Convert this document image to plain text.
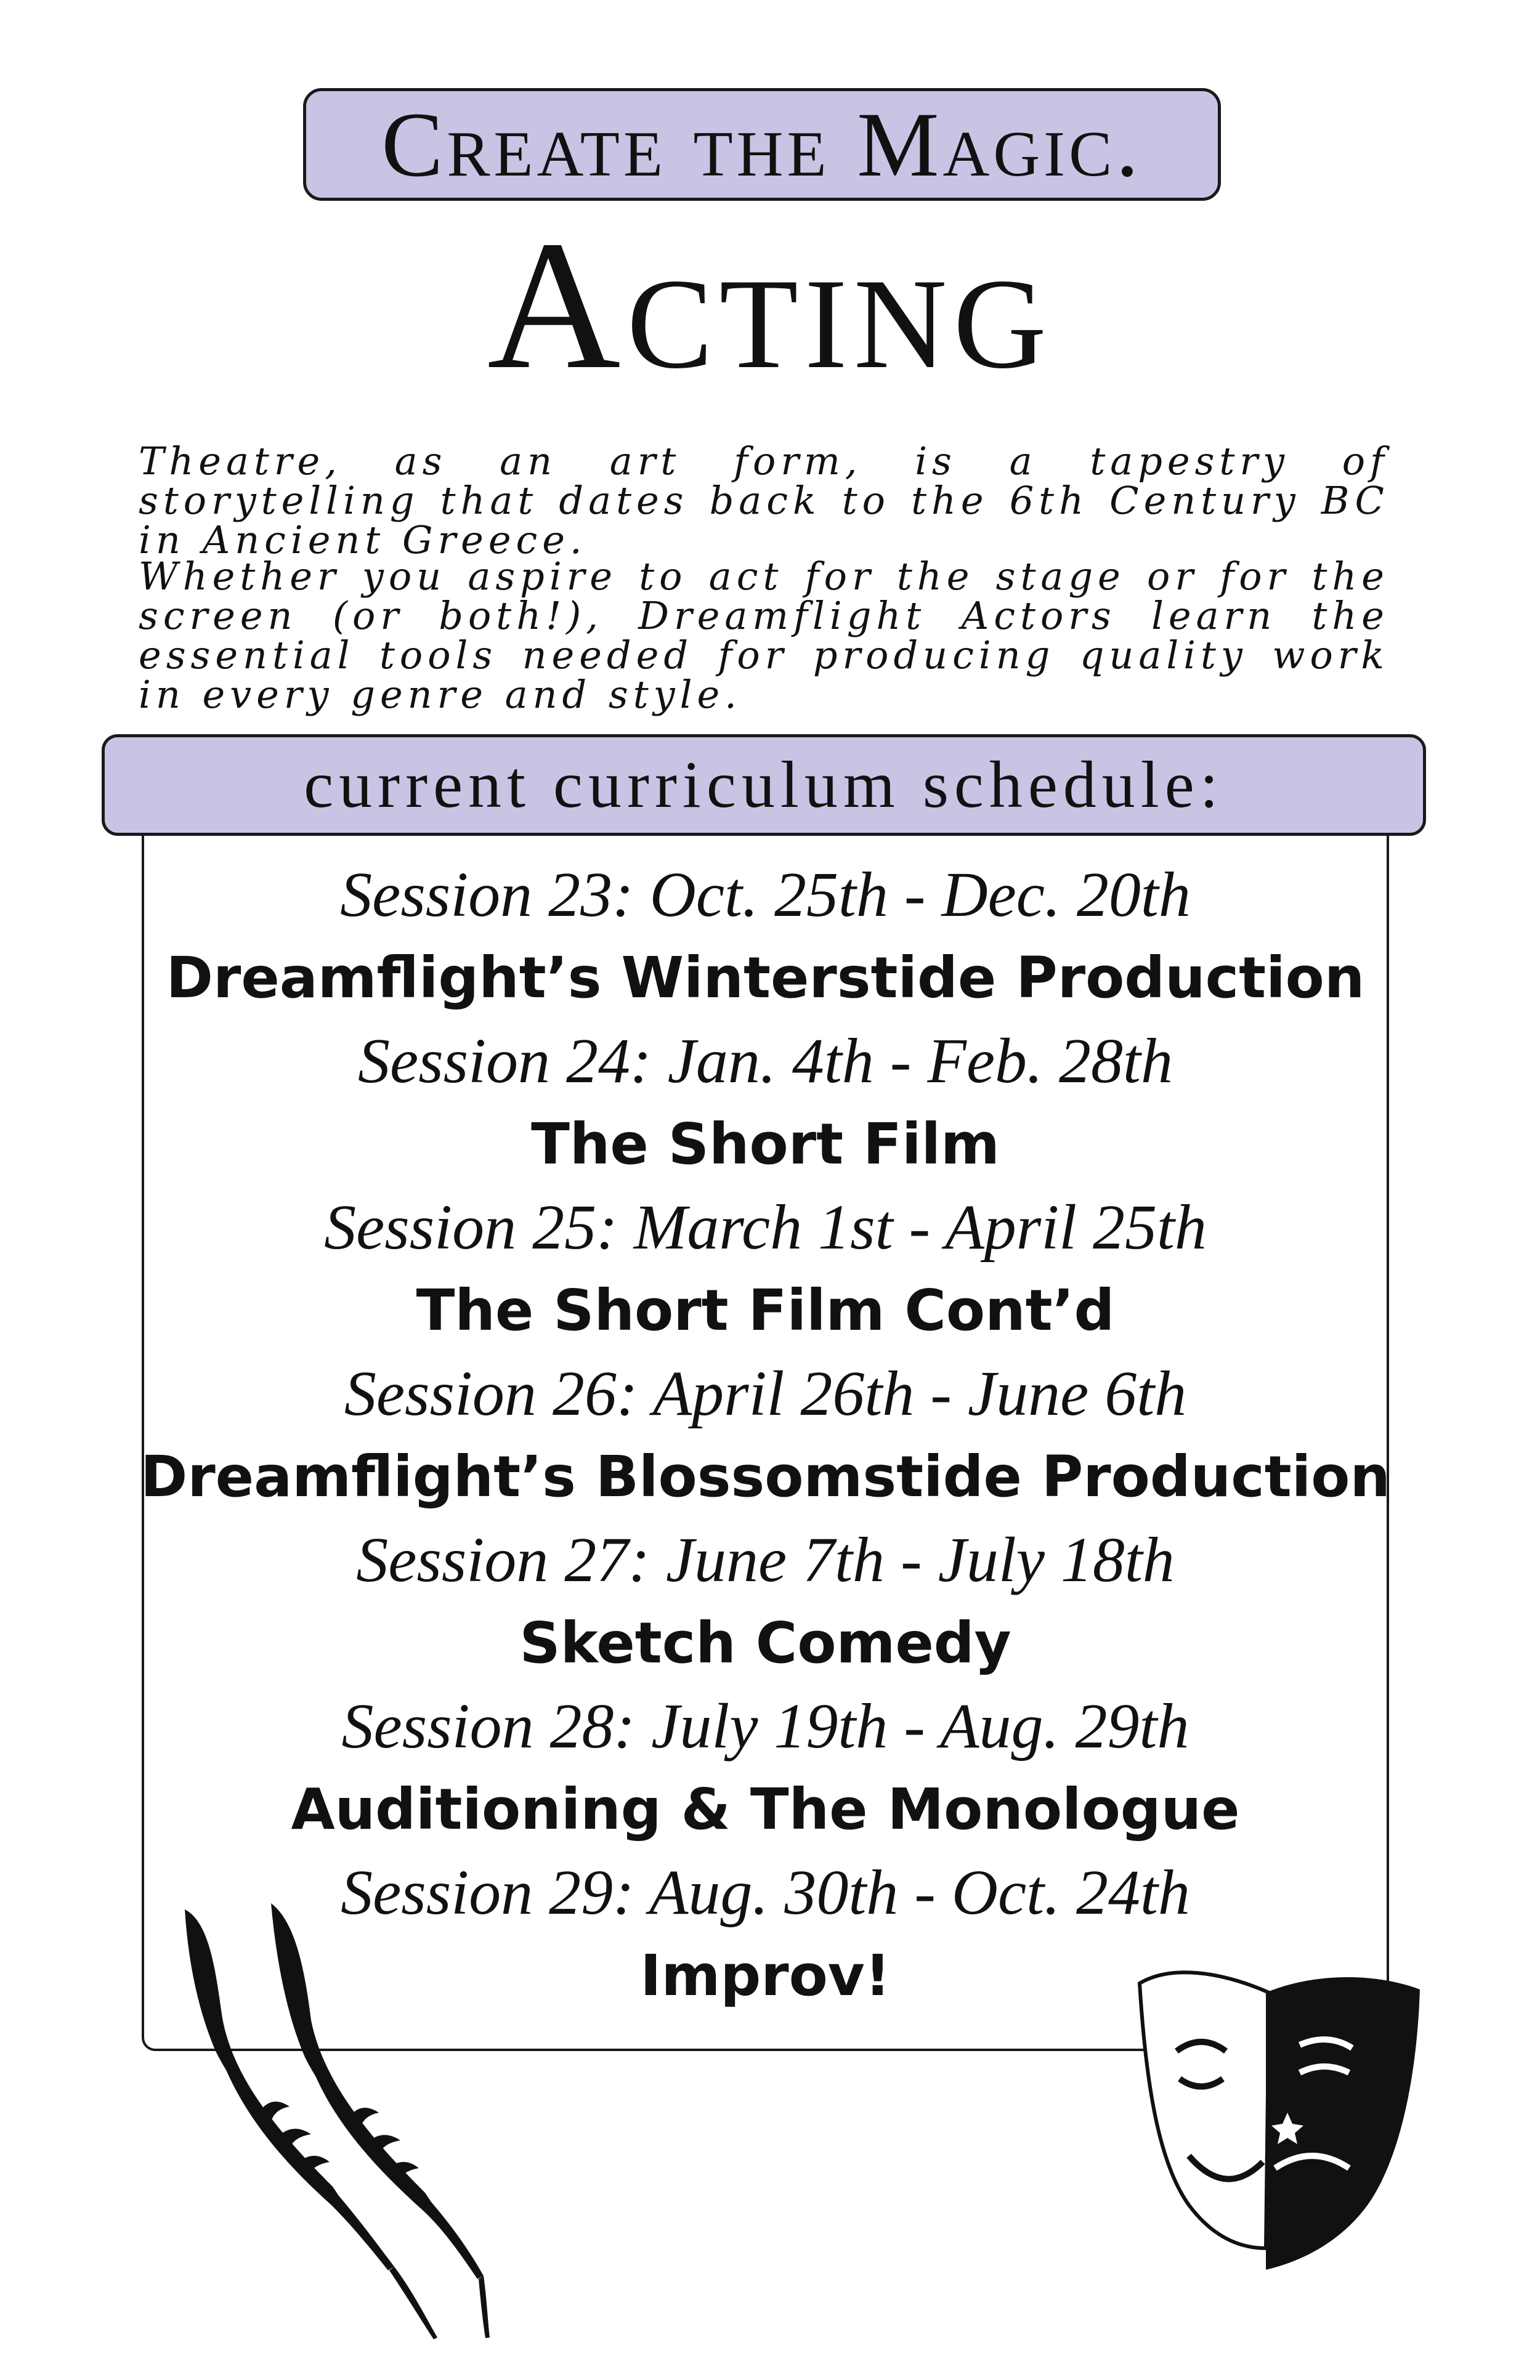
Create the Magic.
Acting

Theatre, as an art form, is a tapestry of storytelling that dates back to the 6th Century BC in Ancient Greece.

Whether you aspire to act for the stage or for the screen (or both!), Dreamflight Actors learn the essential tools needed for producing quality work in every genre and style.

current curriculum schedule:
Session 23: Oct. 25th - Dec. 20th
Dreamflight’s Winterstide Production
Session 24: Jan. 4th - Feb. 28th
The Short Film
Session 25: March 1st - April 25th
The Short Film Cont’d
Session 26: April 26th - June 6th
Dreamflight’s Blossomstide Production
Session 27: June 7th - July 18th
Sketch Comedy
Session 28: July 19th - Aug. 29th
Auditioning & The Monologue
Session 29: Aug. 30th - Oct. 24th
Improv!
